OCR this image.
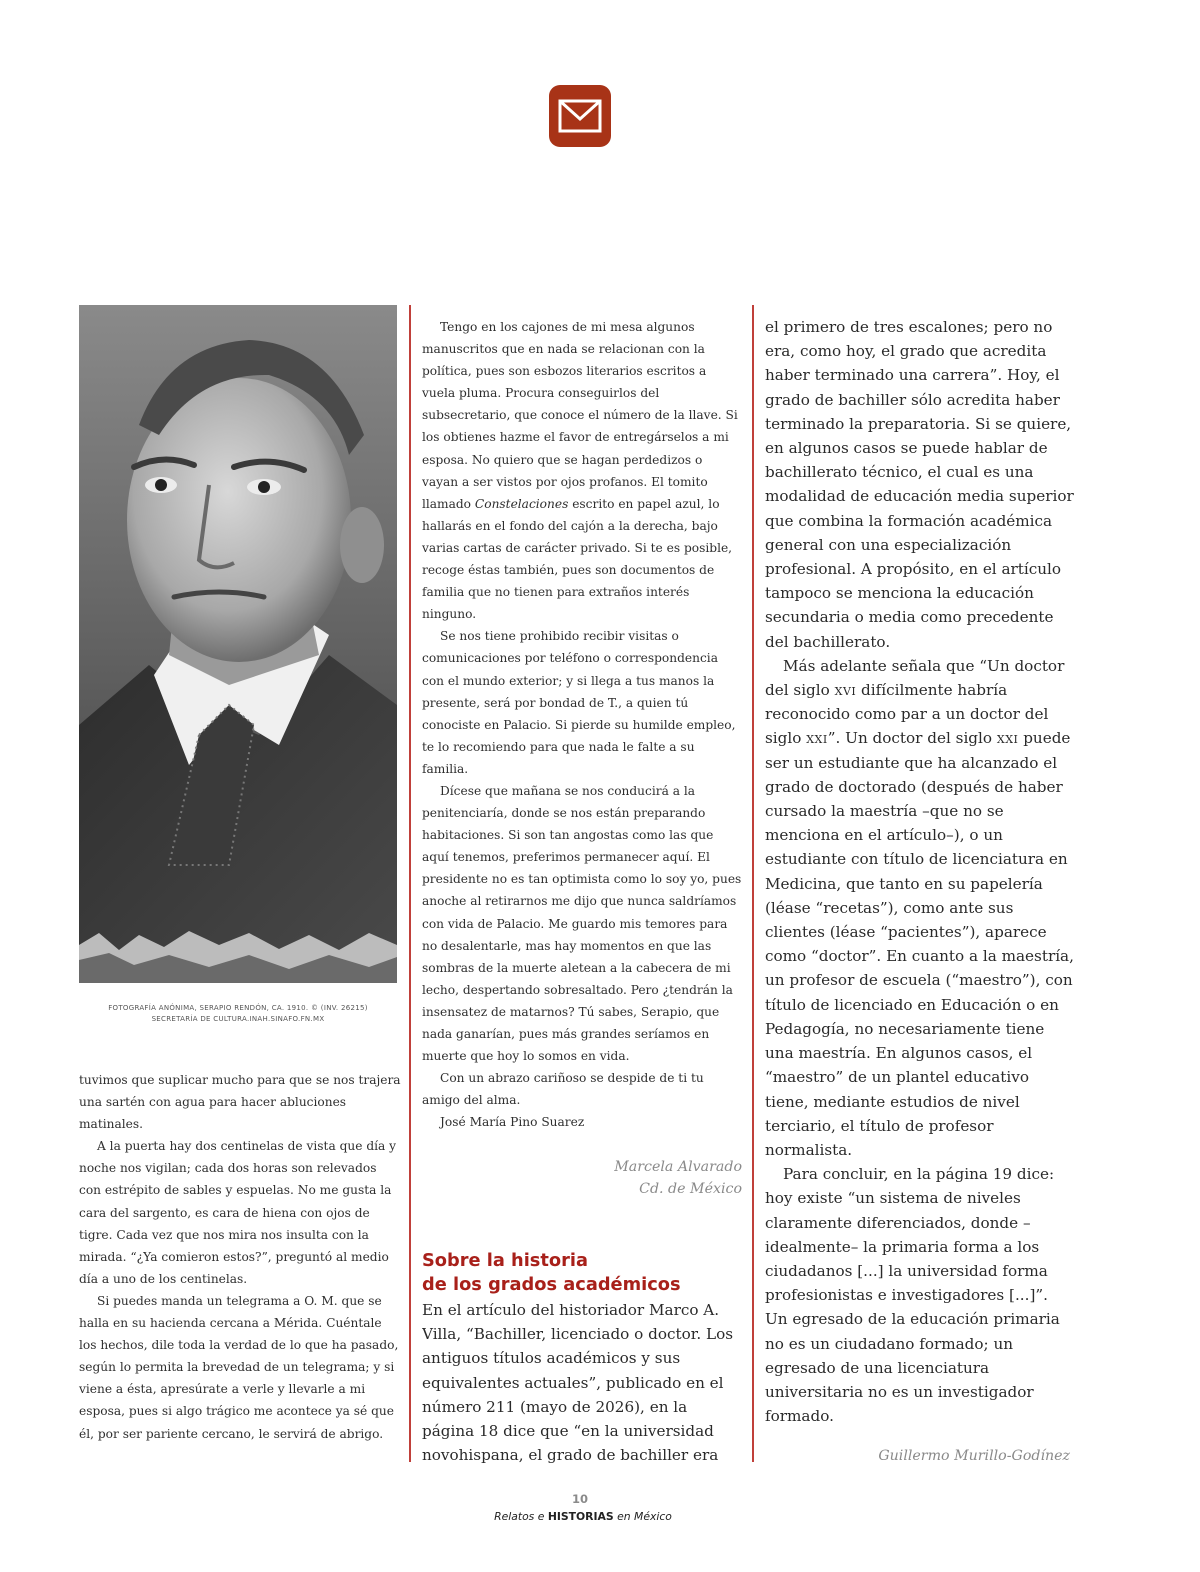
FOTOGRAFÍA ANÓNIMA, SERAPIO RENDÓN, CA. 1910. © (INV. 26215)
SECRETARÍA DE CULTURA.INAH.SINAFO.FN.MX

tuvimos que suplicar mucho para que se nos trajera una sartén con agua para hacer abluciones matinales.

A la puerta hay dos centinelas de vista que día y noche nos vigilan; cada dos horas son relevados con estrépito de sables y espuelas. No me gusta la cara del sargento, es cara de hiena con ojos de tigre. Cada vez que nos mira nos insulta con la mirada. “¿Ya comieron estos?”, preguntó al medio día a uno de los centinelas.

Si puedes manda un telegrama a O. M. que se halla en su hacienda cercana a Mérida. Cuéntale los hechos, dile toda la verdad de lo que ha pasado, según lo permita la brevedad de un telegrama; y si viene a ésta, apresúrate a verle y llevarle a mi esposa, pues si algo trágico me acontece ya sé que él, por ser pariente cercano, le servirá de abrigo.

Tengo en los cajones de mi mesa algunos manuscritos que en nada se relacionan con la política, pues son esbozos literarios escritos a vuela pluma. Procura conseguirlos del subsecretario, que conoce el número de la llave. Si los obtienes hazme el favor de entregárselos a mi esposa. No quiero que se hagan perdedizos o vayan a ser vistos por ojos profanos. El tomito llamado Constelaciones escrito en papel azul, lo hallarás en el fondo del cajón a la derecha, bajo varias cartas de carácter privado. Si te es posible, recoge éstas también, pues son documentos de familia que no tienen para extraños interés ninguno.

Se nos tiene prohibido recibir visitas o comunicaciones por teléfono o correspondencia con el mundo exterior; y si llega a tus manos la presente, será por bondad de T., a quien tú conociste en Palacio. Si pierde su humilde empleo, te lo recomiendo para que nada le falte a su familia.

Dícese que mañana se nos conducirá a la penitenciaría, donde se nos están preparando habitaciones. Si son tan angostas como las que aquí tenemos, preferimos permanecer aquí. El presidente no es tan optimista como lo soy yo, pues anoche al retirarnos me dijo que nunca saldríamos con vida de Palacio. Me guardo mis temores para no desalentarle, mas hay momentos en que las sombras de la muerte aletean a la cabecera de mi lecho, despertando sobresaltado. Pero ¿tendrán la insensatez de matarnos? Tú sabes, Serapio, que nada ganarían, pues más grandes seríamos en muerte que hoy lo somos en vida.

Con un abrazo cariñoso se despide de ti tu amigo del alma.

José María Pino Suarez

Marcela Alvarado
Cd. de México
Sobre la historia
de los grados académicos

En el artículo del historiador Marco A. Villa, “Bachiller, licenciado o doctor. Los antiguos títulos académicos y sus equivalentes actuales”, publicado en el número 211 (mayo de 2026), en la página 18 dice que “en la universidad novohispana, el grado de bachiller era

el primero de tres escalones; pero no era, como hoy, el grado que acredita haber terminado una carrera”. Hoy, el grado de bachiller sólo acredita haber terminado la preparatoria. Si se quiere, en algunos casos se puede hablar de bachillerato técnico, el cual es una modalidad de educación media superior que combina la formación académica general con una especialización profesional. A propósito, en el artículo tampoco se menciona la educación secundaria o media como precedente del bachillerato.

Más adelante señala que “Un doctor del siglo xvi difícilmente habría reconocido como par a un doctor del siglo xxi”. Un doctor del siglo xxi puede ser un estudiante que ha alcanzado el grado de doctorado (después de haber cursado la maestría –que no se menciona en el artículo–), o un estudiante con título de licenciatura en Medicina, que tanto en su papelería (léase “recetas”), como ante sus clientes (léase “pacientes”), aparece como “doctor”. En cuanto a la maestría, un profesor de escuela (“maestro”), con título de licenciado en Educación o en Pedagogía, no necesariamente tiene una maestría. En algunos casos, el “maestro” de un plantel educativo tiene, mediante estudios de nivel terciario, el título de profesor normalista.

Para concluir, en la página 19 dice: hoy existe “un sistema de niveles claramente diferenciados, donde –idealmente– la primaria forma a los ciudadanos [...] la universidad forma profesionistas e investigadores [...]”. Un egresado de la educación primaria no es un ciudadano formado; un egresado de una licenciatura universitaria no es un investigador formado.

Guillermo Murillo-Godínez
10
Relatos e HISTORIAS en México
